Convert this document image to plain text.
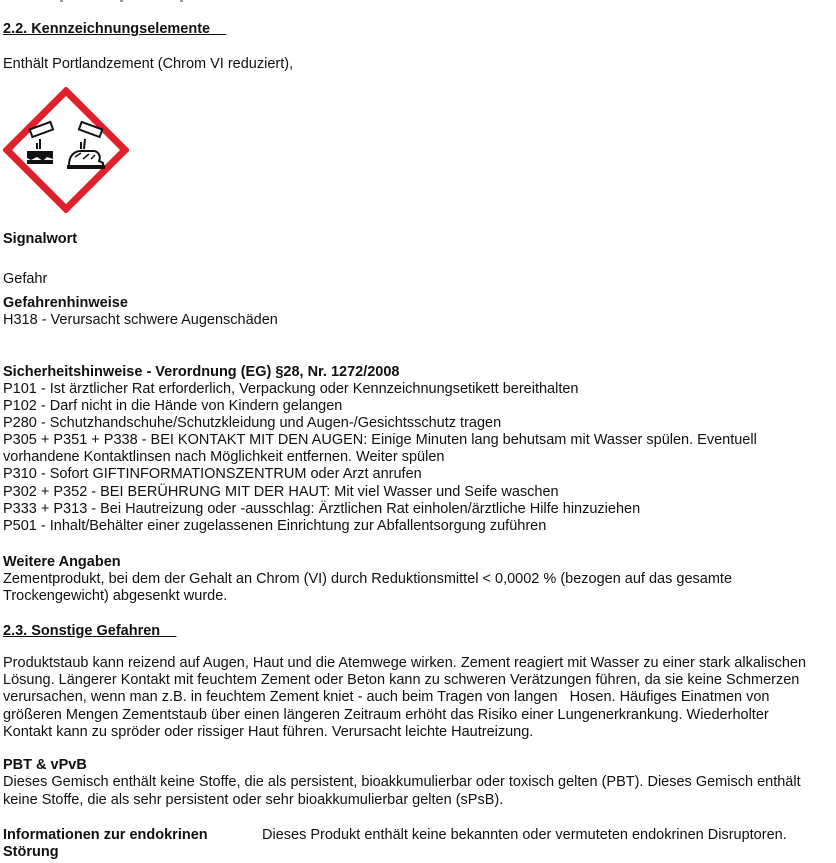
2.2. Kennzeichnungselemente
Enthält Portlandzement (Chrom VI reduziert),
Signalwort
Gefahr
Gefahrenhinweise
H318 - Verursacht schwere Augenschäden
Sicherheitshinweise - Verordnung (EG) §28, Nr. 1272/2008
P101 - Ist ärztlicher Rat erforderlich, Verpackung oder Kennzeichnungsetikett bereithalten
P102 - Darf nicht in die Hände von Kindern gelangen
P280 - Schutzhandschuhe/Schutzkleidung und Augen-/Gesichtsschutz tragen
P305 + P351 + P338 - BEI KONTAKT MIT DEN AUGEN: Einige Minuten lang behutsam mit Wasser spülen. Eventuell
vorhandene Kontaktlinsen nach Möglichkeit entfernen. Weiter spülen
P310 - Sofort GIFTINFORMATIONSZENTRUM oder Arzt anrufen
P302 + P352 - BEI BERÜHRUNG MIT DER HAUT: Mit viel Wasser und Seife waschen
P333 + P313 - Bei Hautreizung oder -ausschlag: Ärztlichen Rat einholen/ärztliche Hilfe hinzuziehen
P501 - Inhalt/Behälter einer zugelassenen Einrichtung zur Abfallentsorgung zuführen
Weitere Angaben
Zementprodukt, bei dem der Gehalt an Chrom (VI) durch Reduktionsmittel < 0,0002 % (bezogen auf das gesamte
Trockengewicht) abgesenkt wurde.
2.3. Sonstige Gefahren
Produktstaub kann reizend auf Augen, Haut und die Atemwege wirken. Zement reagiert mit Wasser zu einer stark alkalischen
Lösung. Längerer Kontakt mit feuchtem Zement oder Beton kann zu schweren Verätzungen führen, da sie keine Schmerzen
verursachen, wenn man z.B. in feuchtem Zement kniet - auch beim Tragen von langen   Hosen. Häufiges Einatmen von
größeren Mengen Zementstaub über einen längeren Zeitraum erhöht das Risiko einer Lungenerkrankung. Wiederholter
Kontakt kann zu spröder oder rissiger Haut führen. Verursacht leichte Hautreizung.
PBT & vPvB
Dieses Gemisch enthält keine Stoffe, die als persistent, bioakkumulierbar oder toxisch gelten (PBT). Dieses Gemisch enthält
keine Stoffe, die als sehr persistent oder sehr bioakkumulierbar gelten (sPsB).
Informationen zur endokrinen
Störung
Dieses Produkt enthält keine bekannten oder vermuteten endokrinen Disruptoren.
